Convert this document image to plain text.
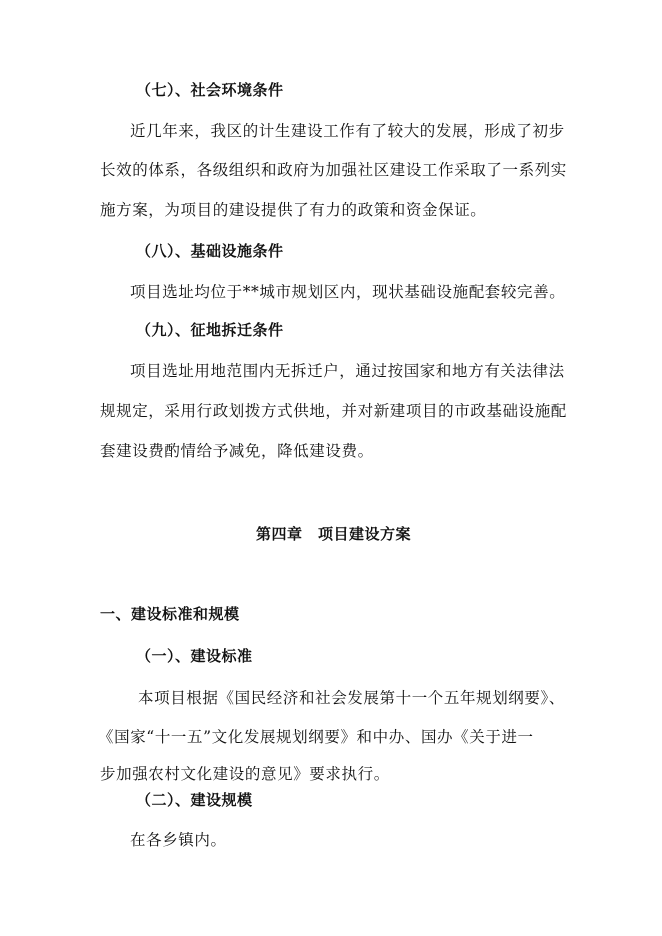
（七）、社会环境条件
近几年来，我区的计生建设工作有了较大的发展，形成了初步
长效的体系，各级组织和政府为加强社区建设工作采取了一系列实
施方案，为项目的建设提供了有力的政策和资金保证。
（八）、基础设施条件
项目选址均位于**城市规划区内，现状基础设施配套较完善。
（九）、征地拆迁条件
项目选址用地范围内无拆迁户，通过按国家和地方有关法律法
规规定，采用行政划拨方式供地，并对新建项目的市政基础设施配
套建设费酌情给予减免，降低建设费。
第四章　项目建设方案
一、建设标准和规模
（一）、建设标准
本项目根据《国民经济和社会发展第十一个五年规划纲要》、
《国家“十一五”文化发展规划纲要》和中办、国办《关于进一
步加强农村文化建设的意见》要求执行。
（二）、建设规模
在各乡镇内。
